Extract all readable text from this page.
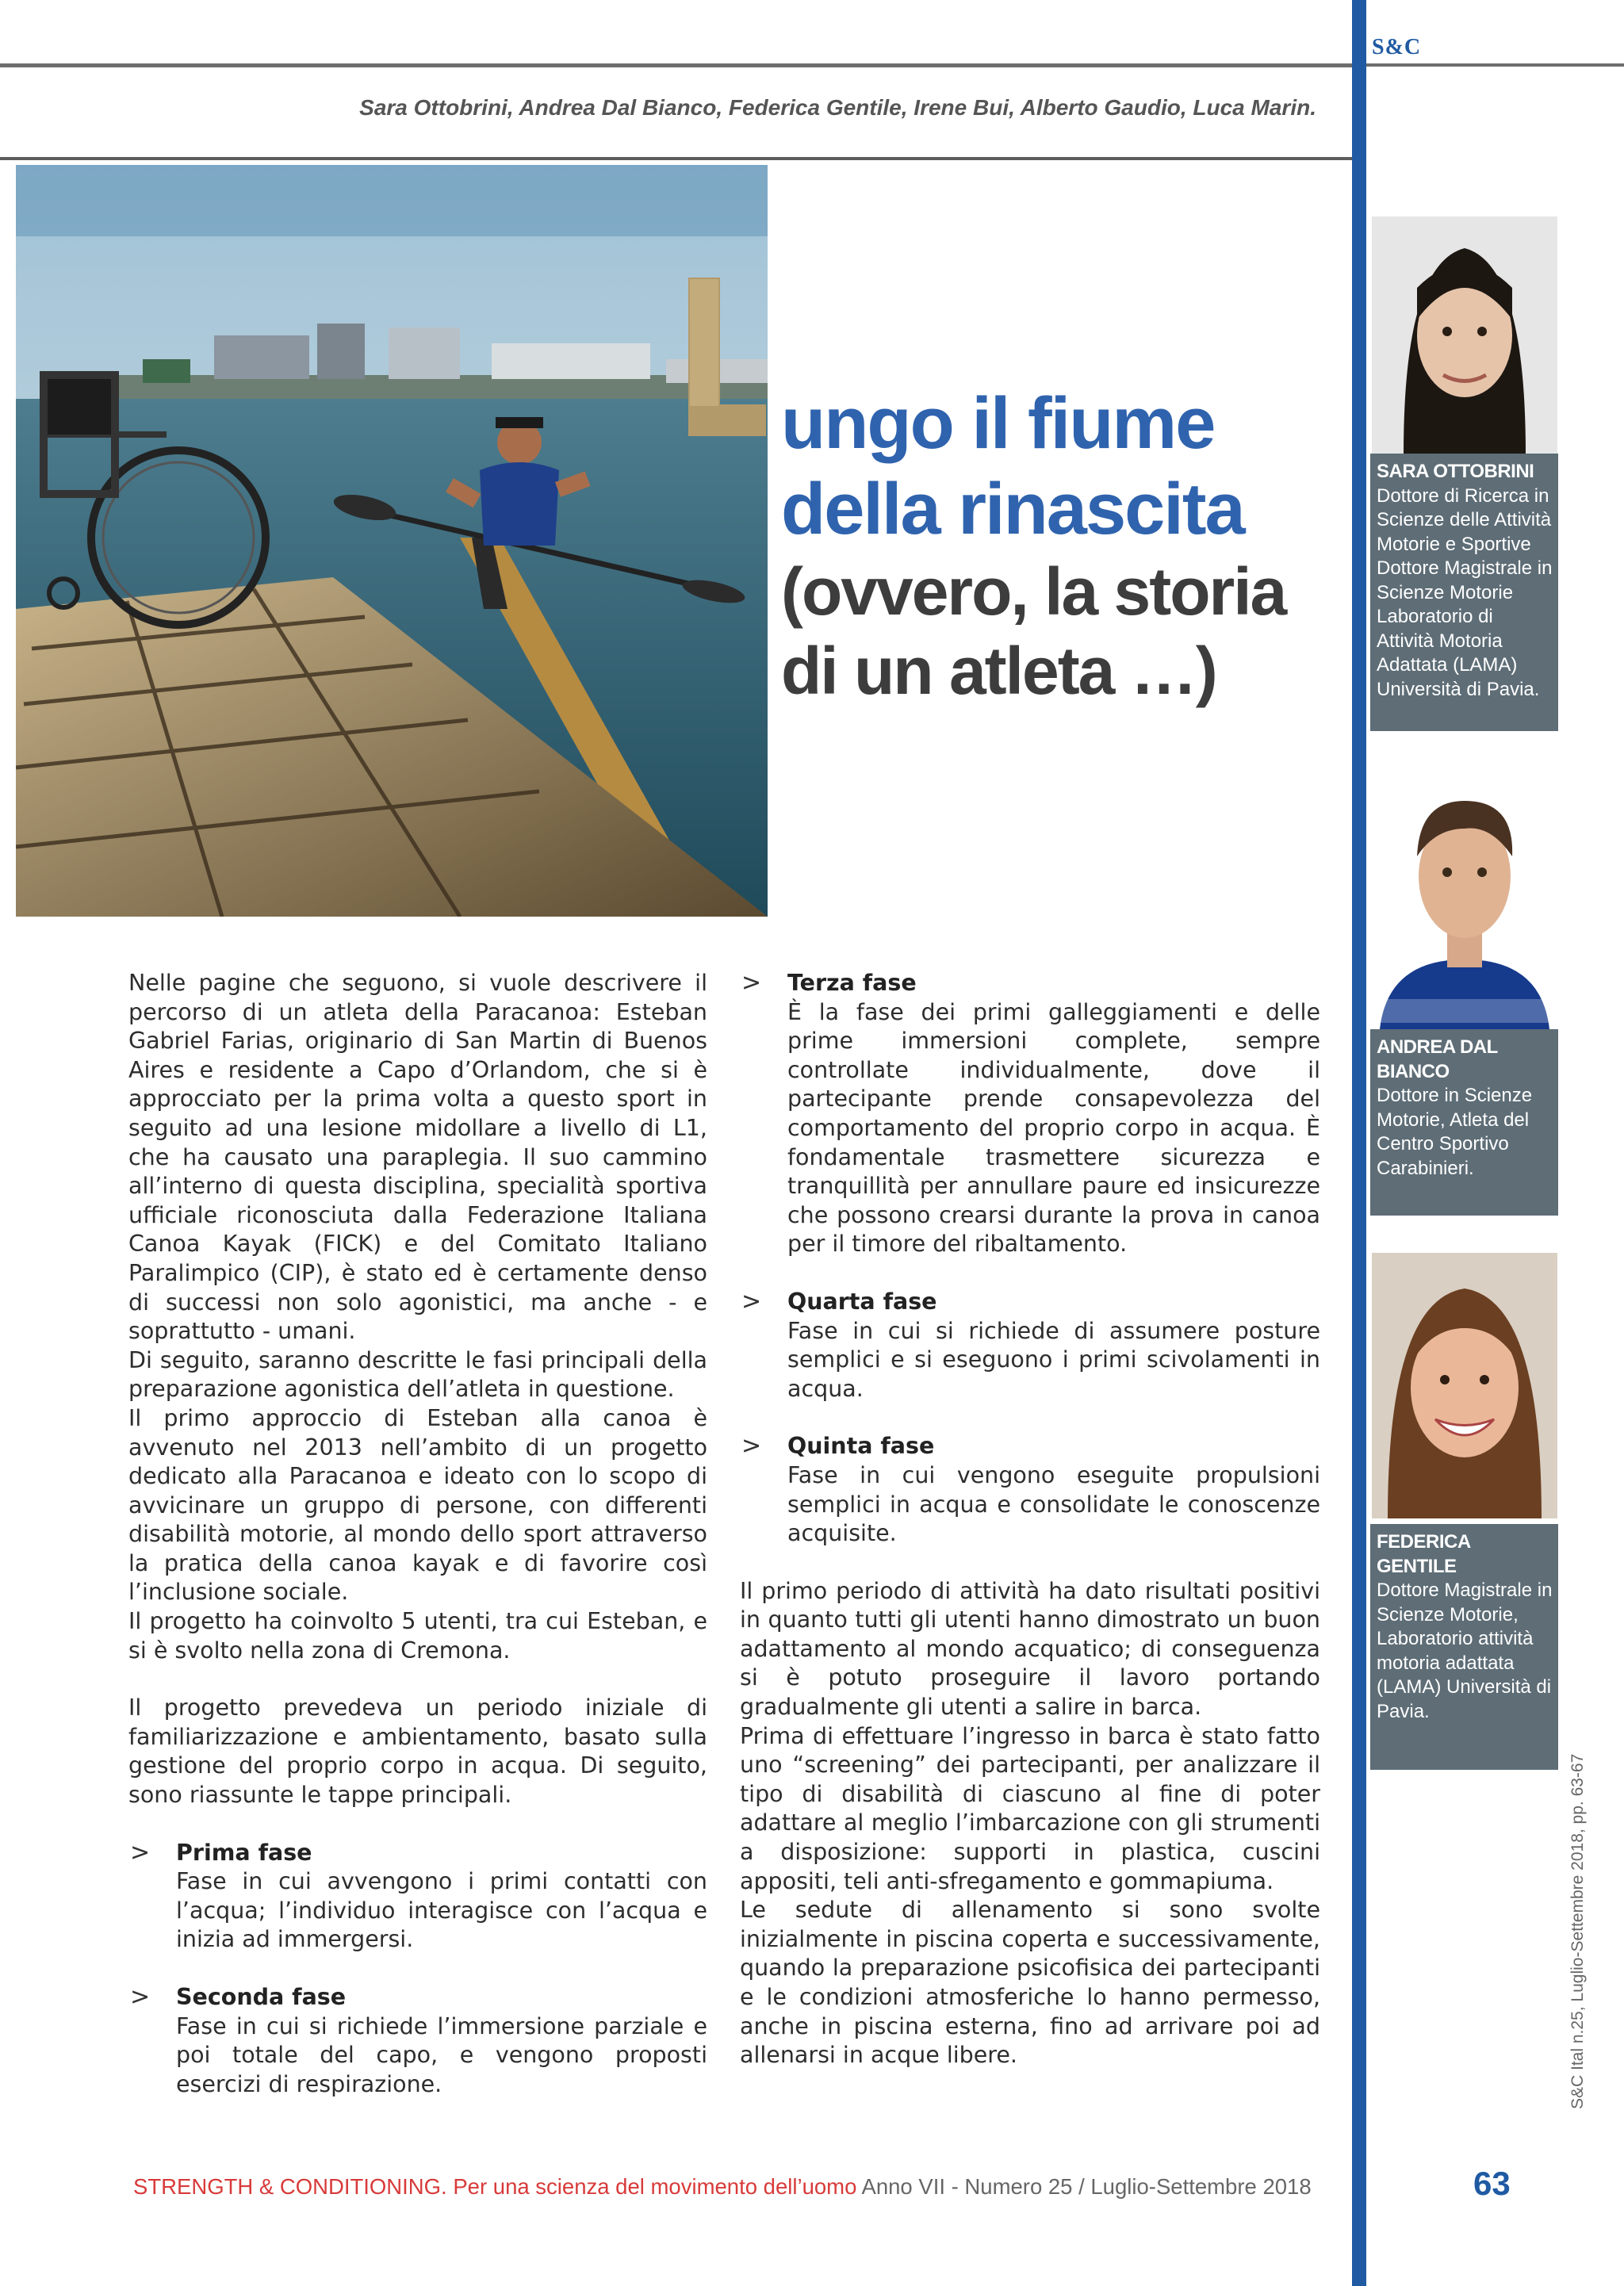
S&C
Sara Ottobrini, Andrea Dal Bianco, Federica Gentile, Irene Bui, Alberto Gaudio, Luca Marin.
ungo il fiume
della rinascita
(ovvero, la storia
di un atleta …)

Nelle pagine che seguono, si vuole descrivere il percorso di un atleta della Paracanoa: Esteban Gabriel Farias, originario di San Martin di Buenos Aires e residente a Capo d’Orlandom, che si è approcciato per la prima volta a questo sport in seguito ad una lesione midollare a livello di L1, che ha causato una paraplegia. Il suo cammino all’interno di questa disciplina, specialità sportiva ufficiale riconosciuta dalla Federazione Italiana Canoa Kayak (FICK) e del Comitato Italiano Paralimpico (CIP), è stato ed è certamente denso di successi non solo agonistici, ma anche - e soprattutto - umani.

Di seguito, saranno descritte le fasi principali della preparazione agonistica dell’atleta in questione.

Il primo approccio di Esteban alla canoa è avvenuto nel 2013 nell’ambito di un progetto dedicato alla Paracanoa e ideato con lo scopo di avvicinare un gruppo di persone, con differenti disabilità motorie, al mondo dello sport attraverso la pratica della canoa kayak e di favorire così l’inclusione sociale.

Il progetto ha coinvolto 5 utenti, tra cui Esteban, e si è svolto nella zona di Cremona.

Il progetto prevedeva un periodo iniziale di familiarizzazione e ambientamento, basato sulla gestione del proprio corpo in acqua. Di seguito, sono riassunte le tappe principali.

> Prima fase
Fase in cui avvengono i primi contatti con l’acqua; l’individuo interagisce con l’acqua e inizia ad immergersi.
> Seconda fase
Fase in cui si richiede l’immersione parziale e poi totale del capo, e vengono proposti esercizi di respirazione.
> Terza fase
È la fase dei primi galleggiamenti e delle prime immersioni complete, sempre controllate individualmente, dove il partecipante prende consapevolezza del comportamento del proprio corpo in acqua. È fondamentale trasmettere sicurezza e tranquillità per annullare paure ed insicurezze che possono crearsi durante la prova in canoa per il timore del ribaltamento.
> Quarta fase
Fase in cui si richiede di assumere posture semplici e si eseguono i primi scivolamenti in acqua.
> Quinta fase
Fase in cui vengono eseguite propulsioni semplici in acqua e consolidate le conoscenze acquisite.

Il primo periodo di attività ha dato risultati positivi in quanto tutti gli utenti hanno dimostrato un buon adattamento al mondo acquatico; di conseguenza si è potuto proseguire il lavoro portando gradualmente gli utenti a salire in barca.

Prima di effettuare l’ingresso in barca è stato fatto uno “screening” dei partecipanti, per analizzare il tipo di disabilità di ciascuno al fine di poter adattare al meglio l’imbarcazione con gli strumenti a disposizione: supporti in plastica, cuscini appositi, teli anti-sfregamento e gommapiuma.

Le sedute di allenamento si sono svolte inizialmente in piscina coperta e successivamente, quando la preparazione psicofisica dei partecipanti e le condizioni atmosferiche lo hanno permesso, anche in piscina esterna, fino ad arrivare poi ad allenarsi in acque libere.

SARA OTTOBRINI
Dottore di Ricerca in Scienze delle Attività Motorie e Sportive Dottore Magistrale in Scienze Motorie Laboratorio di Attività Motoria Adattata (LAMA) Università di Pavia.
ANDREA DAL BIANCO
Dottore in Scienze Motorie, Atleta del Centro Sportivo Carabinieri.
FEDERICA GENTILE
Dottore Magistrale in Scienze Motorie, Laboratorio attività motoria adattata (LAMA) Università di Pavia.
S&C Ital n.25, Luglio-Settembre 2018, pp. 63-67
STRENGTH & CONDITIONING. Per una scienza del movimento dell’uomo Anno VII - Numero 25 / Luglio-Settembre 2018	63
